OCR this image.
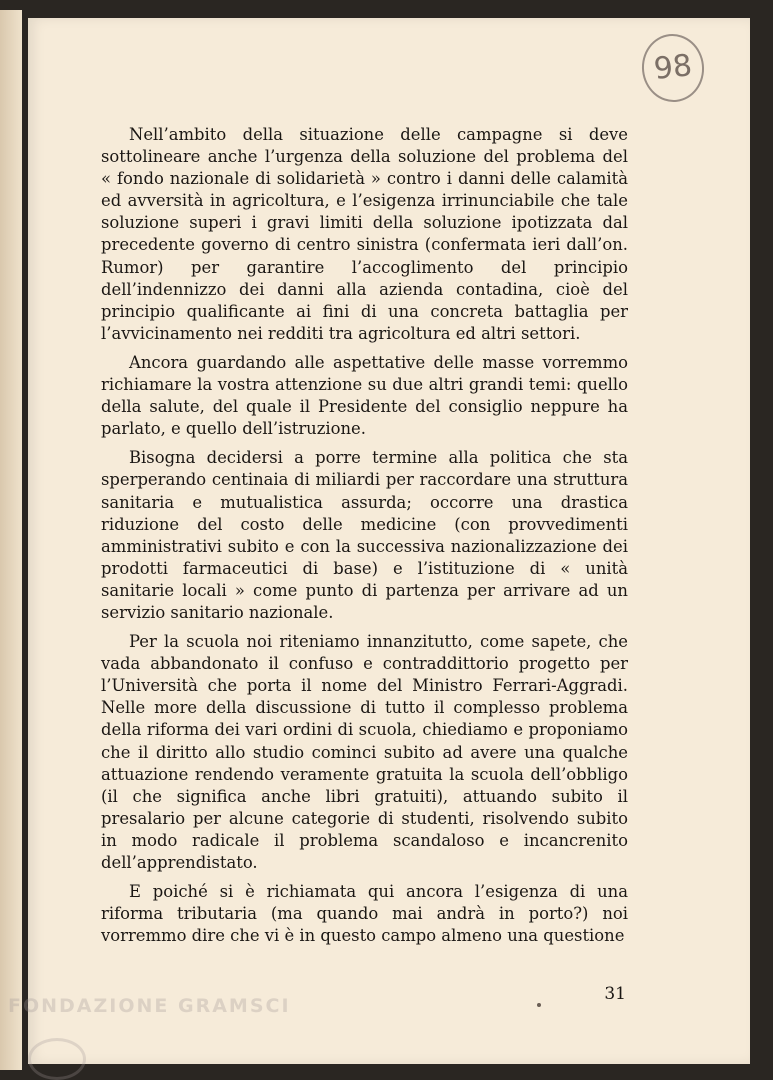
98

Nell’ambito della situazione delle campagne si deve sottolineare anche l’urgenza della soluzione del problema del « fondo nazionale di solidarietà » contro i danni delle calamità ed avversità in agricoltura, e l’esigenza irrinunciabile che tale soluzione superi i gravi limiti della soluzione ipotizzata dal precedente governo di centro sinistra (confermata ieri dall’on. Rumor) per garantire l’accoglimento del principio dell’indennizzo dei danni alla azienda contadina, cioè del principio qualificante ai fini di una concreta battaglia per l’avvicinamento nei redditi tra agricoltura ed altri settori.

Ancora guardando alle aspettative delle masse vorremmo richiamare la vostra attenzione su due altri grandi temi: quello della salute, del quale il Presidente del consiglio neppure ha parlato, e quello dell’istruzione.

Bisogna decidersi a porre termine alla politica che sta sperperando centinaia di miliardi per raccordare una struttura sanitaria e mutualistica assurda; occorre una drastica riduzione del costo delle medicine (con provvedimenti amministrativi subito e con la successiva nazionalizzazione dei prodotti farmaceutici di base) e l’istituzione di « unità sanitarie locali » come punto di partenza per arrivare ad un servizio sanitario nazionale.

Per la scuola noi riteniamo innanzitutto, come sapete, che vada abbandonato il confuso e contraddittorio progetto per l’Università che porta il nome del Ministro Ferrari-Aggradi. Nelle more della discussione di tutto il complesso problema della riforma dei vari ordini di scuola, chiediamo e proponiamo che il diritto allo studio cominci subito ad avere una qualche attuazione rendendo veramente gratuita la scuola dell’obbligo (il che significa anche libri gratuiti), attuando subito il presalario per alcune categorie di studenti, risolvendo subito in modo radicale il problema scandaloso e incancrenito dell’apprendistato.

E poiché si è richiamata qui ancora l’esigenza di una riforma tributaria (ma quando mai andrà in porto?) noi vorremmo dire che vi è in questo campo almeno una questione

31
FONDAZIONE GRAMSCI
